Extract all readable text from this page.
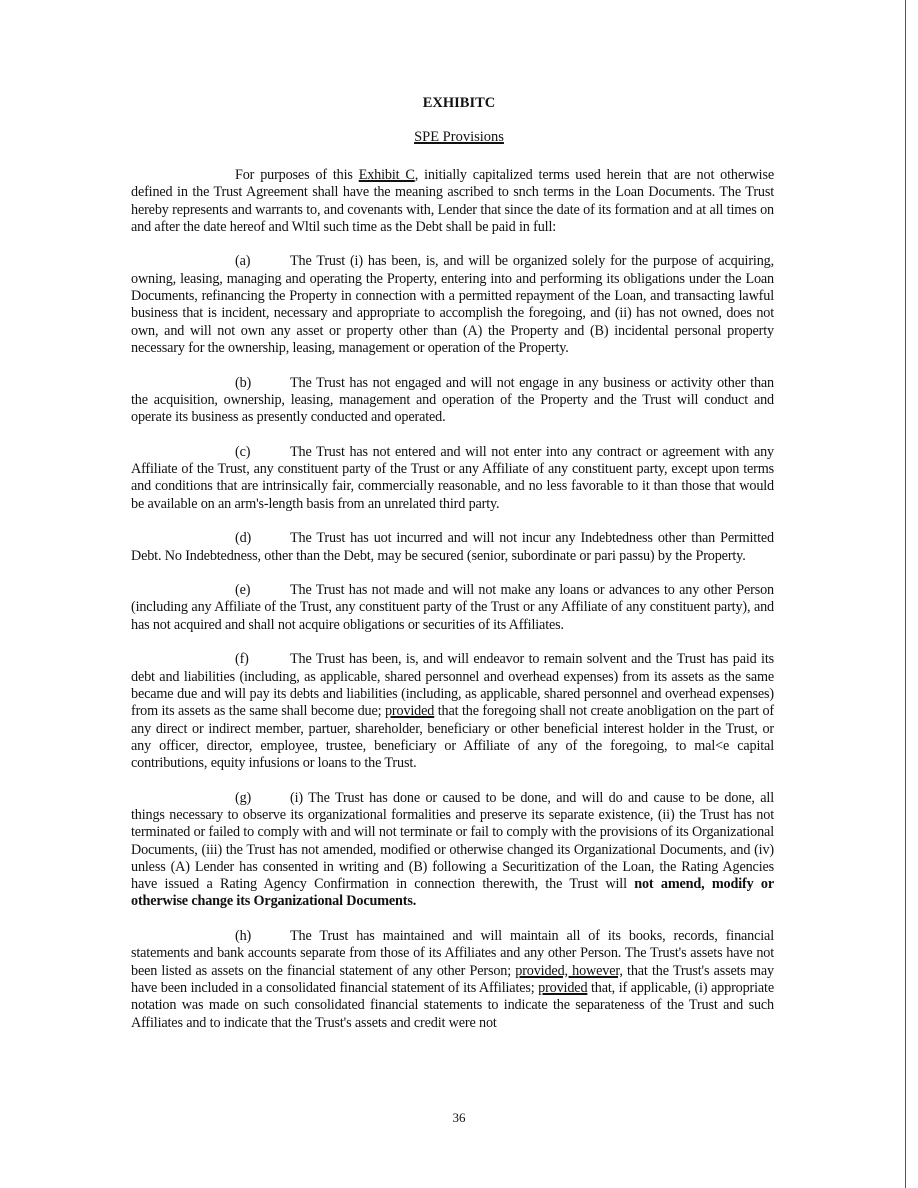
EXHIBITC
SPE Provisions

For purposes of this Exhibit C, initially capitalized terms used herein that are not otherwise defined in the Trust Agreement shall have the meaning ascribed to snch terms in the Loan Documents. The Trust hereby represents and warrants to, and covenants with, Lender that since the date of its formation and at all times on and after the date hereof and Wltil such time as the Debt shall be paid in full:

(a)	The Trust (i) has been, is, and will be organized solely for the purpose of acquiring, owning, leasing, managing and operating the Property, entering into and performing its obligations under the Loan Documents, refinancing the Property in connection with a permitted repayment of the Loan, and transacting lawful business that is incident, necessary and appropriate to accomplish the foregoing, and (ii) has not owned, does not own, and will not own any asset or property other than (A) the Property and (B) incidental personal property necessary for the ownership, leasing, management or operation of the Property.

(b)	The Trust has not engaged and will not engage in any business or activity other than the acquisition, ownership, leasing, management and operation of the Property and the Trust will conduct and operate its business as presently conducted and operated.

(c)	The Trust has not entered and will not enter into any contract or agreement with any Affiliate of the Trust, any constituent party of the Trust or any Affiliate of any constituent party, except upon terms and conditions that are intrinsically fair, commercially reasonable, and no less favorable to it than those that would be available on an arm's-length basis from an unrelated third party.

(d)	The Trust has uot incurred and will not incur any Indebtedness other than Permitted Debt. No Indebtedness, other than the Debt, may be secured (senior, subordinate or pari passu) by the Property.

(e)	The Trust has not made and will not make any loans or advances to any other Person (including any Affiliate of the Trust, any constituent party of the Trust or any Affiliate of any constituent party), and has not acquired and shall not acquire obligations or securities of its Affiliates.

(f)	The Trust has been, is, and will endeavor to remain solvent and the Trust has paid its debt and liabilities (including, as applicable, shared personnel and overhead expenses) from its assets as the same became due and will pay its debts and liabilities (including, as applicable, shared personnel and overhead expenses) from its assets as the same shall become due; provided that the foregoing shall not create anobligation on the part of any direct or indirect member, partuer, shareholder, beneficiary or other beneficial interest holder in the Trust, or any officer, director, employee, trustee, beneficiary or Affiliate of any of the foregoing, to mal<e capital contributions, equity infusions or loans to the Trust.

(g)	(i) The Trust has done or caused to be done, and will do and cause to be done, all things necessary to observe its organizational formalities and preserve its separate existence, (ii) the Trust has not terminated or failed to comply with and will not terminate or fail to comply with the provisions of its Organizational Documents, (iii) the Trust has not amended, modified or otherwise changed its Organizational Documents, and (iv) unless (A) Lender has consented in writing and (B) following a Securitization of the Loan, the Rating Agencies have issued a Rating Agency Confirmation in connection therewith, the Trust will not amend, modify or otherwise change its Organizational Documents.

(h)	The Trust has maintained and will maintain all of its books, records, financial statements and bank accounts separate from those of its Affiliates and any other Person. The Trust's assets have not been listed as assets on the financial statement of any other Person; provided, however, that the Trust's assets may have been included in a consolidated financial statement of its Affiliates; provided that, if applicable, (i) appropriate notation was made on such consolidated financial statements to indicate the separateness of the Trust and such Affiliates and to indicate that the Trust's assets and credit were not

36
